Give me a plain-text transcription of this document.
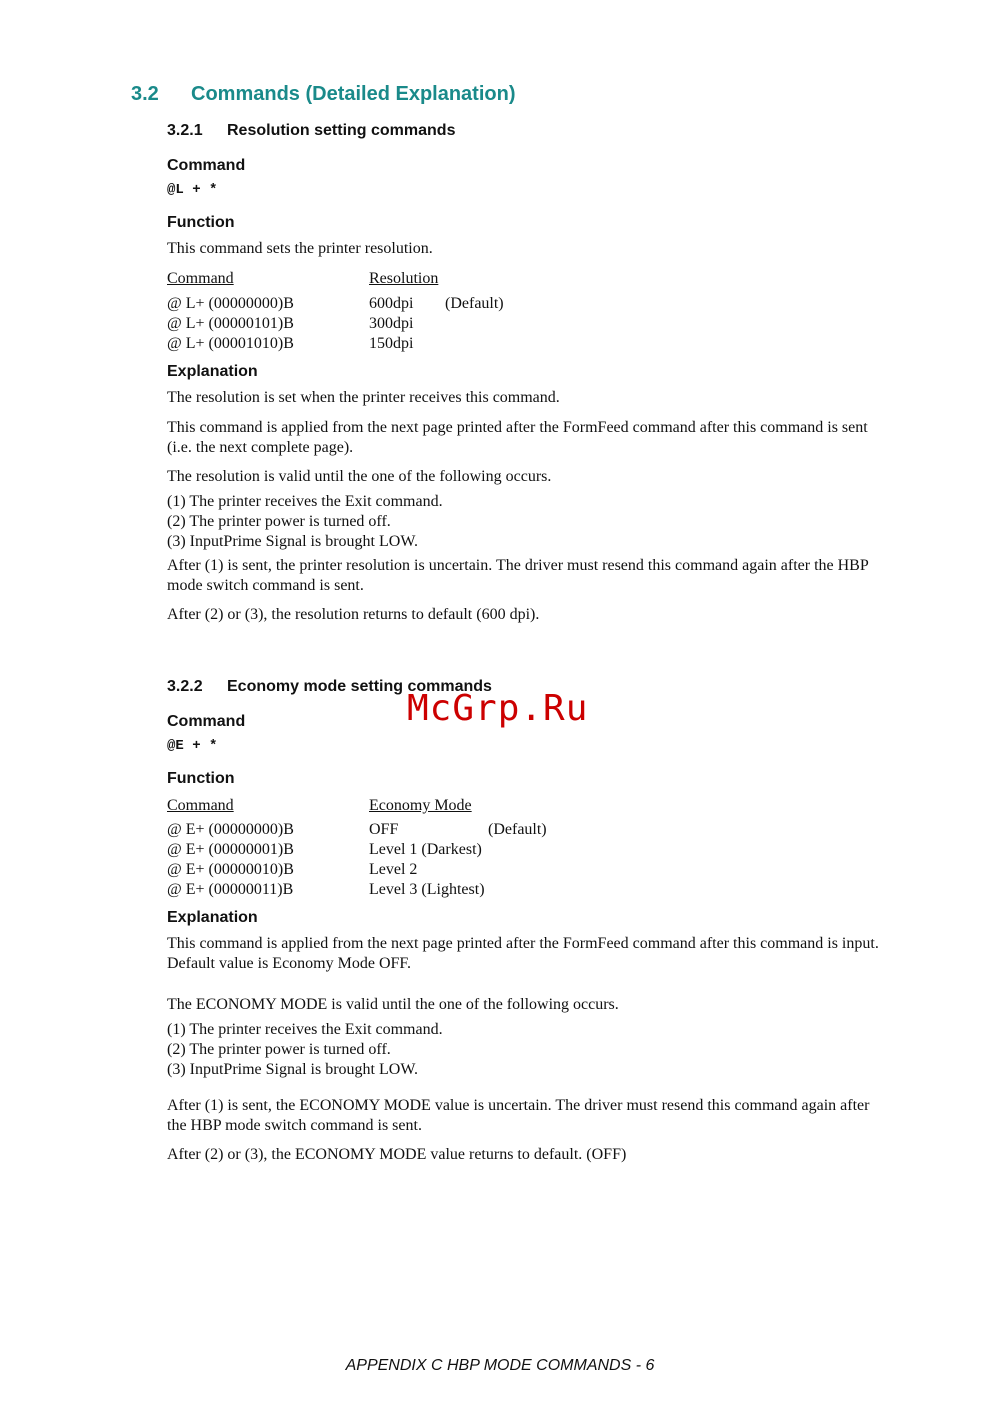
3.2 Commands (Detailed Explanation)
3.2.1 Resolution setting commands
Command
@L + *
Function
This command sets the printer resolution.
Command	Resolution
@ L+ (00000000)B	600dpi (Default)
@ L+ (00000101)B	300dpi
@ L+ (00001010)B	150dpi
Explanation
The resolution is set when the printer receives this command.
This command is applied from the next page printed after the FormFeed command after this command is sent
(i.e. the next complete page).
The resolution is valid until the one of the following occurs.
(1) The printer receives the Exit command.
(2) The printer power is turned off.
(3) InputPrime Signal is brought LOW.
After (1) is sent, the printer resolution is uncertain. The driver must resend this command again after the HBP
mode switch command is sent.
After (2) or (3), the resolution returns to default (600 dpi).
3.2.2 Economy mode setting commands
McGrp.Ru
Command
@E + *
Function
Command	Economy Mode
@ E+ (00000000)B	OFF	(Default)
@ E+ (00000001)B	Level 1 (Darkest)
@ E+ (00000010)B	Level 2
@ E+ (00000011)B	Level 3 (Lightest)
Explanation
This command is applied from the next page printed after the FormFeed command after this command is input.
Default value is Economy Mode OFF.
The ECONOMY MODE is valid until the one of the following occurs.
(1) The printer receives the Exit command.
(2) The printer power is turned off.
(3) InputPrime Signal is brought LOW.
After (1) is sent, the ECONOMY MODE value is uncertain. The driver must resend this command again after
the HBP mode switch command is sent.
After (2) or (3), the ECONOMY MODE value returns to default. (OFF)
APPENDIX C HBP MODE COMMANDS - 6
